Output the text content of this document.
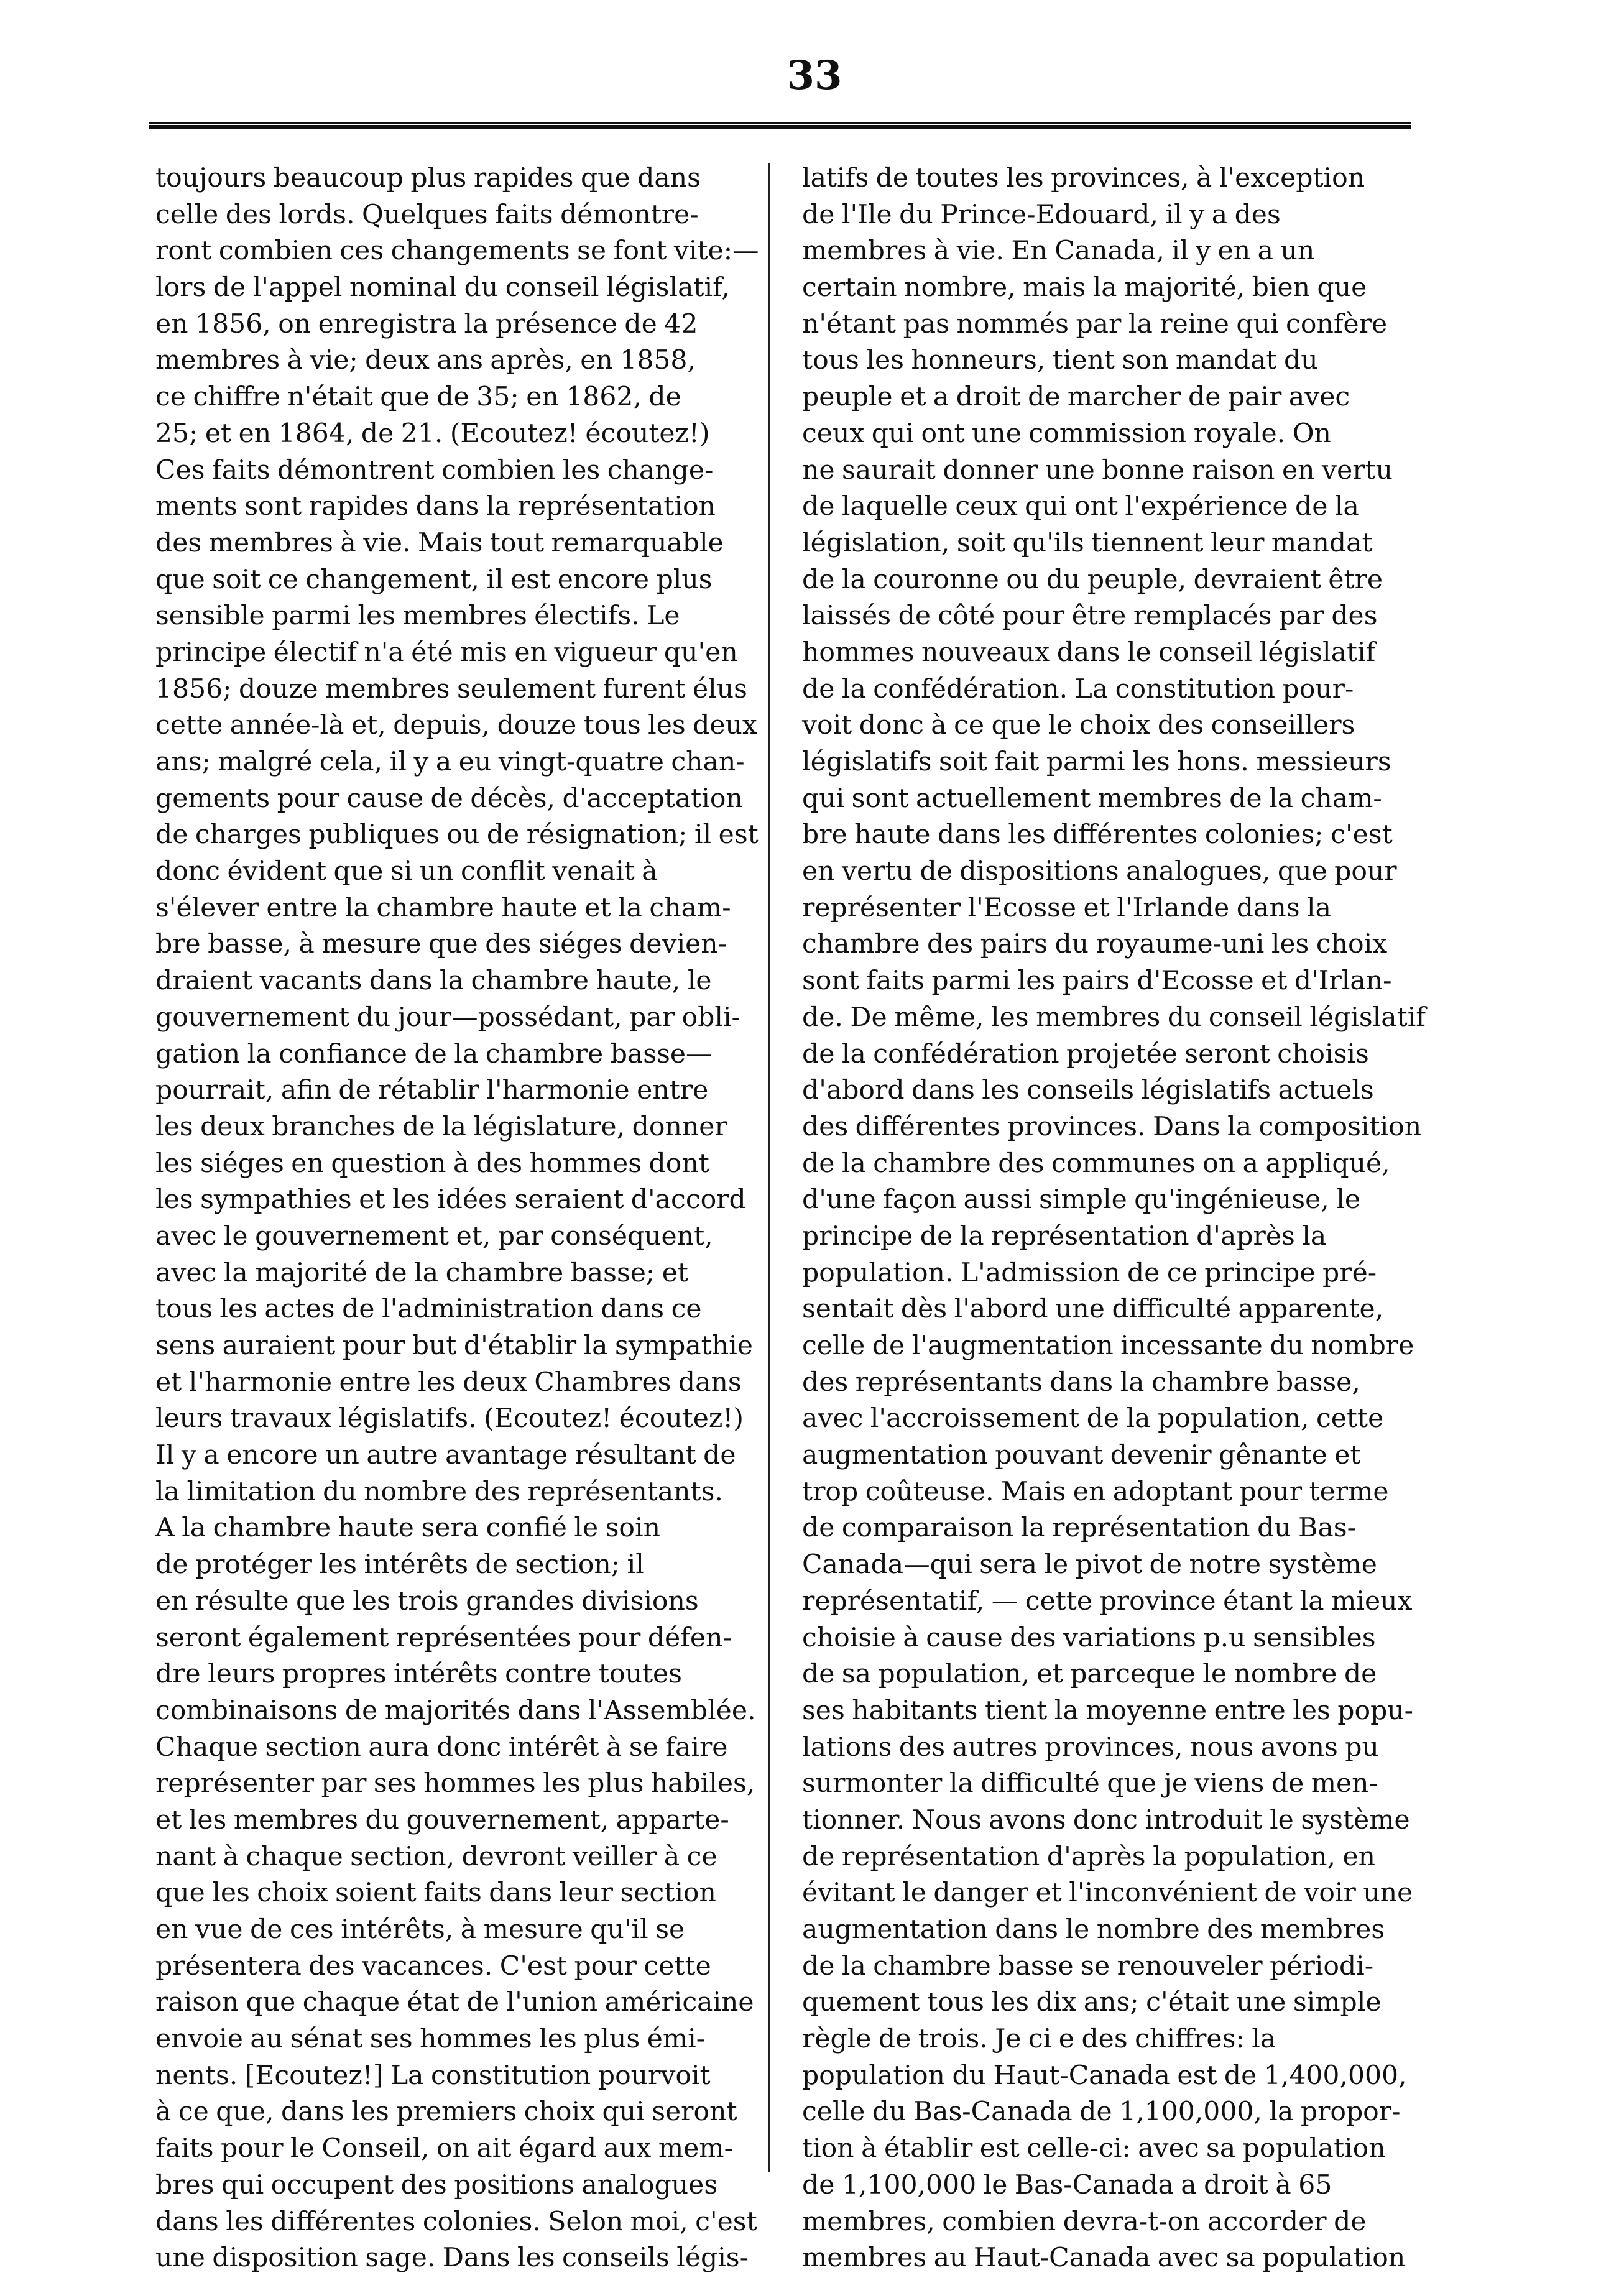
33
toujours beaucoup plus rapides que dans
celle des lords. Quelques faits démontre-
ront combien ces changements se font vite:—
lors de l'appel nominal du conseil législatif,
en 1856, on enregistra la présence de 42
membres à vie; deux ans après, en 1858,
ce chiffre n'était que de 35; en 1862, de
25; et en 1864, de 21. (Ecoutez! écoutez!)
Ces faits démontrent combien les change-
ments sont rapides dans la représentation
des membres à vie. Mais tout remarquable
que soit ce changement, il est encore plus
sensible parmi les membres électifs. Le
principe électif n'a été mis en vigueur qu'en
1856; douze membres seulement furent élus
cette année-là et, depuis, douze tous les deux
ans; malgré cela, il y a eu vingt-quatre chan-
gements pour cause de décès, d'acceptation
de charges publiques ou de résignation; il est
donc évident que si un conflit venait à
s'élever entre la chambre haute et la cham-
bre basse, à mesure que des siéges devien-
draient vacants dans la chambre haute, le
gouvernement du jour—possédant, par obli-
gation la confiance de la chambre basse—
pourrait, afin de rétablir l'harmonie entre
les deux branches de la législature, donner
les siéges en question à des hommes dont
les sympathies et les idées seraient d'accord
avec le gouvernement et, par conséquent,
avec la majorité de la chambre basse; et
tous les actes de l'administration dans ce
sens auraient pour but d'établir la sympathie
et l'harmonie entre les deux Chambres dans
leurs travaux législatifs. (Ecoutez! écoutez!)
Il y a encore un autre avantage résultant de
la limitation du nombre des représentants.
A la chambre haute sera confié le soin
de protéger les intérêts de section; il
en résulte que les trois grandes divisions
seront également représentées pour défen-
dre leurs propres intérêts contre toutes
combinaisons de majorités dans l'Assemblée.
Chaque section aura donc intérêt à se faire
représenter par ses hommes les plus habiles,
et les membres du gouvernement, apparte-
nant à chaque section, devront veiller à ce
que les choix soient faits dans leur section
en vue de ces intérêts, à mesure qu'il se
présentera des vacances. C'est pour cette
raison que chaque état de l'union américaine
envoie au sénat ses hommes les plus émi-
nents. [Ecoutez!] La constitution pourvoit
à ce que, dans les premiers choix qui seront
faits pour le Conseil, on ait égard aux mem-
bres qui occupent des positions analogues
dans les différentes colonies. Selon moi, c'est
une disposition sage. Dans les conseils légis-
latifs de toutes les provinces, à l'exception
de l'Ile du Prince-Edouard, il y a des
membres à vie. En Canada, il y en a un
certain nombre, mais la majorité, bien que
n'étant pas nommés par la reine qui confère
tous les honneurs, tient son mandat du
peuple et a droit de marcher de pair avec
ceux qui ont une commission royale. On
ne saurait donner une bonne raison en vertu
de laquelle ceux qui ont l'expérience de la
législation, soit qu'ils tiennent leur mandat
de la couronne ou du peuple, devraient être
laissés de côté pour être remplacés par des
hommes nouveaux dans le conseil législatif
de la confédération. La constitution pour-
voit donc à ce que le choix des conseillers
législatifs soit fait parmi les hons. messieurs
qui sont actuellement membres de la cham-
bre haute dans les différentes colonies; c'est
en vertu de dispositions analogues, que pour
représenter l'Ecosse et l'Irlande dans la
chambre des pairs du royaume-uni les choix
sont faits parmi les pairs d'Ecosse et d'Irlan-
de. De même, les membres du conseil législatif
de la confédération projetée seront choisis
d'abord dans les conseils législatifs actuels
des différentes provinces. Dans la composition
de la chambre des communes on a appliqué,
d'une façon aussi simple qu'ingénieuse, le
principe de la représentation d'après la
population. L'admission de ce principe pré-
sentait dès l'abord une difficulté apparente,
celle de l'augmentation incessante du nombre
des représentants dans la chambre basse,
avec l'accroissement de la population, cette
augmentation pouvant devenir gênante et
trop coûteuse. Mais en adoptant pour terme
de comparaison la représentation du Bas-
Canada—qui sera le pivot de notre système
représentatif, — cette province étant la mieux
choisie à cause des variations p.u sensibles
de sa population, et parceque le nombre de
ses habitants tient la moyenne entre les popu-
lations des autres provinces, nous avons pu
surmonter la difficulté que je viens de men-
tionner. Nous avons donc introduit le système
de représentation d'après la population, en
évitant le danger et l'inconvénient de voir une
augmentation dans le nombre des membres
de la chambre basse se renouveler périodi-
quement tous les dix ans; c'était une simple
règle de trois. Je ci e des chiffres: la
population du Haut-Canada est de 1,400,000,
celle du Bas-Canada de 1,100,000, la propor-
tion à établir est celle-ci: avec sa population
de 1,100,000 le Bas-Canada a droit à 65
membres, combien devra-t-on accorder de
membres au Haut-Canada avec sa population
